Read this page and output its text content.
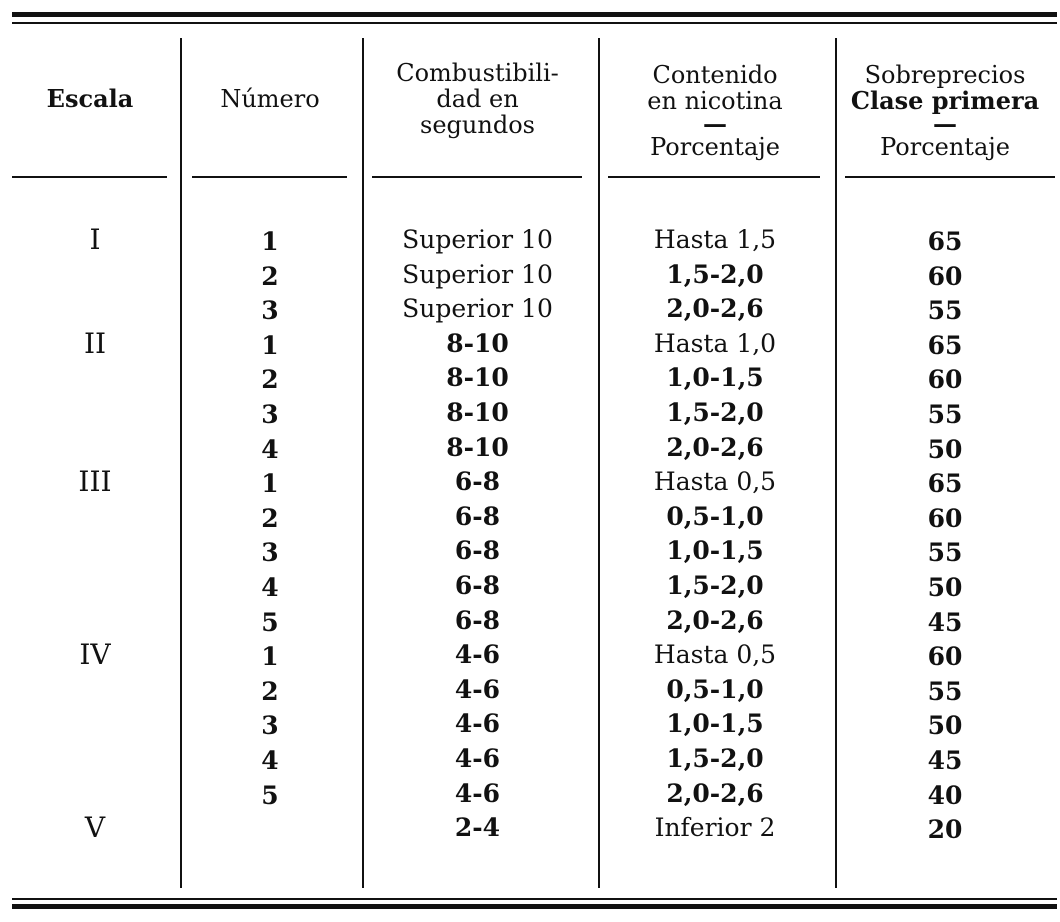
Escala	Número
Combustibili-
dad en
segundos
Contenido
en nicotina
—
Porcentaje
Sobreprecios
Clase primera
—
Porcentaje
I
II
III
IV
V
1
2
3
1
2
3
4
1
2
3
4
5
1
2
3
4
5
Superior 10
Superior 10
Superior 10
8-10
8-10
8-10
8-10
6-8
6-8
6-8
6-8
6-8
4-6
4-6
4-6
4-6
4-6
2-4
Hasta 1,5
1,5-2,0
2,0-2,6
Hasta 1,0
1,0-1,5
1,5-2,0
2,0-2,6
Hasta 0,5
0,5-1,0
1,0-1,5
1,5-2,0
2,0-2,6
Hasta 0,5
0,5-1,0
1,0-1,5
1,5-2,0
2,0-2,6
Inferior 2
65
60
55
65
60
55
50
65
60
55
50
45
60
55
50
45
40
20
